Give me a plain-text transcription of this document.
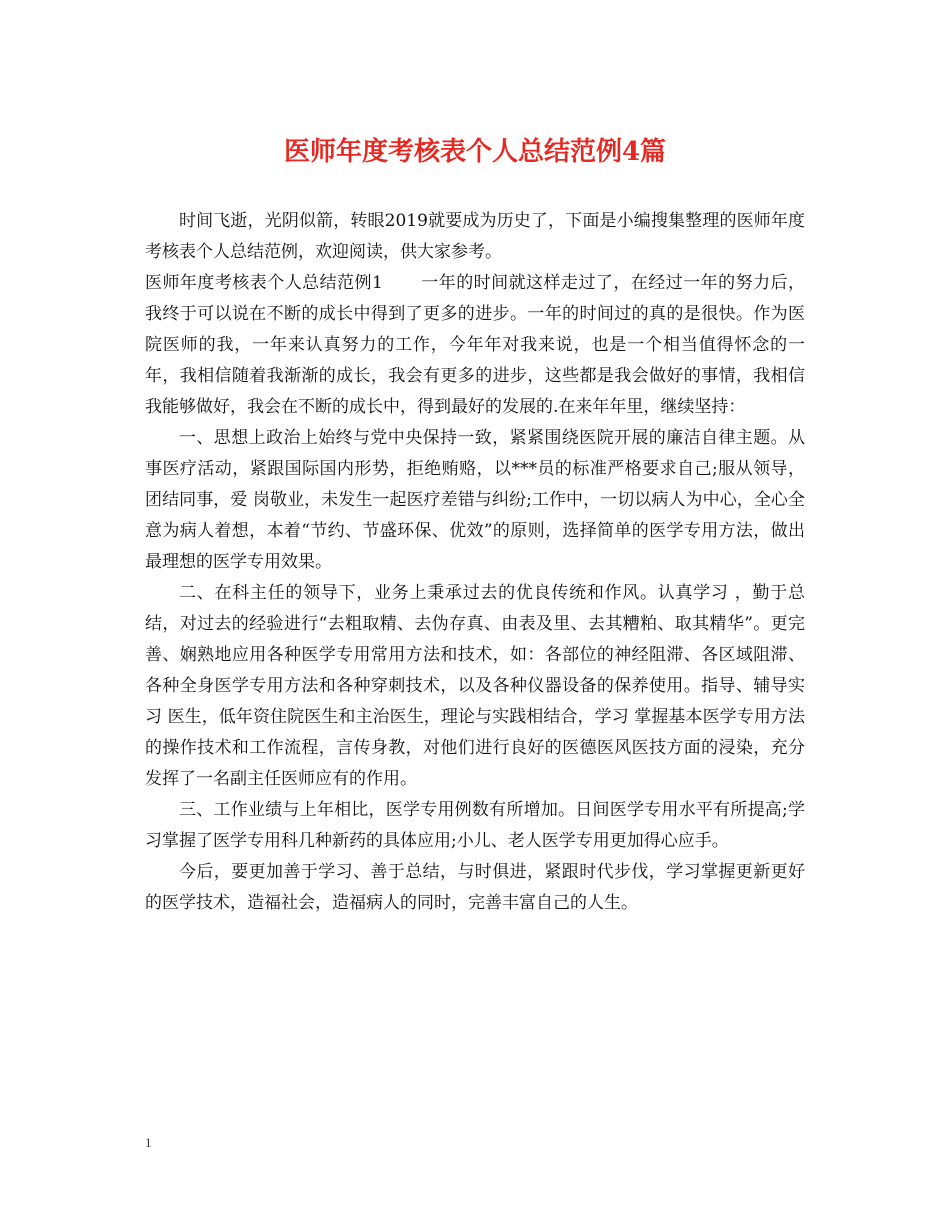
医师年度考核表个人总结范例4篇

时间飞逝，光阴似箭，转眼2019就要成为历史了，下面是小编搜集整理的医师年度考核表个人总结范例，欢迎阅读，供大家参考。

医师年度考核表个人总结范例1 一年的时间就这样走过了，在经过一年的努力后，我终于可以说在不断的成长中得到了更多的进步。一年的时间过的真的是很快。作为医院医师的我，一年来认真努力的工作，今年年对我来说，也是一个相当值得怀念的一年，我相信随着我渐渐的成长，我会有更多的进步，这些都是我会做好的事情，我相信我能够做好，我会在不断的成长中，得到最好的发展的.在来年年里，继续坚持：

一、思想上政治上始终与党中央保持一致，紧紧围绕医院开展的廉洁自律主题。从事医疗活动，紧跟国际国内形势，拒绝贿赂，以***员的标准严格要求自己;服从领导，团结同事，爱 岗敬业，未发生一起医疗差错与纠纷;工作中，一切以病人为中心，全心全意为病人着想，本着“节约、节盛环保、优效”的原则，选择简单的医学专用方法，做出最理想的医学专用效果。

二、在科主任的领导下，业务上秉承过去的优良传统和作风。认真学习 ，勤于总结，对过去的经验进行“去粗取精、去伪存真、由表及里、去其糟粕、取其精华”。更完善、娴熟地应用各种医学专用常用方法和技术，如：各部位的神经阻滞、各区域阻滞、各种全身医学专用方法和各种穿刺技术，以及各种仪器设备的保养使用。指导、辅导实习 医生，低年资住院医生和主治医生，理论与实践相结合，学习 掌握基本医学专用方法的操作技术和工作流程，言传身教，对他们进行良好的医德医风医技方面的浸染，充分发挥了一名副主任医师应有的作用。

三、工作业绩与上年相比，医学专用例数有所增加。日间医学专用水平有所提高;学习掌握了医学专用科几种新药的具体应用;小儿、老人医学专用更加得心应手。

今后，要更加善于学习、善于总结，与时俱进，紧跟时代步伐，学习掌握更新更好的医学技术，造福社会，造福病人的同时，完善丰富自己的人生。

1
